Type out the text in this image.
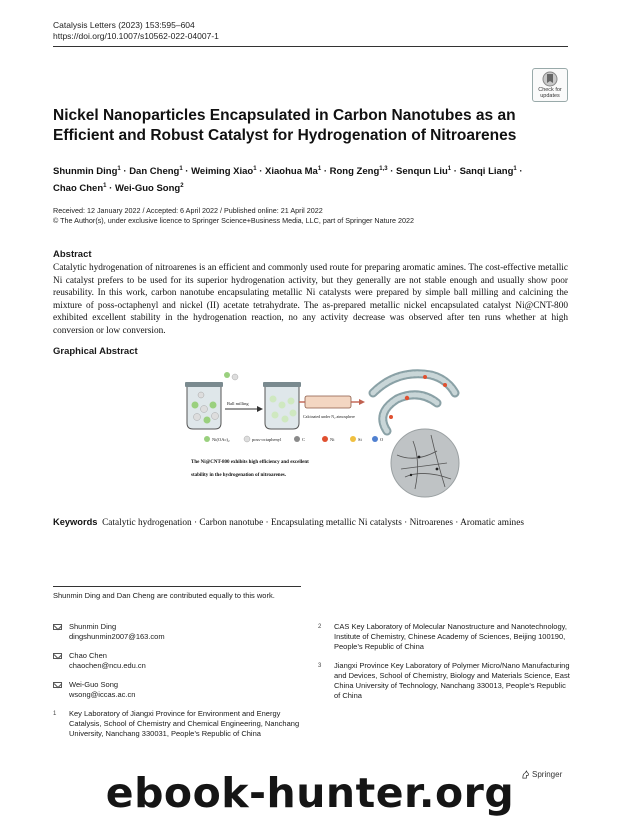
Catalysis Letters (2023) 153:595–604
https://doi.org/10.1007/s10562-022-04007-1
Check for
updates
Nickel Nanoparticles Encapsulated in Carbon Nanotubes as an Efficient and Robust Catalyst for Hydrogenation of Nitroarenes
Shunmin Ding$^1$ · Dan Cheng$^1$ · Weiming Xiao$^1$ · Xiaohua $Ma^1$ · Rong Zeng$^{1,3}$ · Senqun Liu$^1$ · Sanqi Liang$^1$ ·
Chao Chen$^1$ · Wei-Guo Song$^2$
Received: 12 January 2022 / Accepted: 6 April 2022 / Published online: 21 April 2022
© The Author(s), under exclusive licence to Springer Science+Business Media, LLC, part of Springer Nature 2022
Abstract

Catalytic hydrogenation of nitroarenes is an efficient and commonly used route for preparing aromatic amines. The cost-effective metallic Ni catalyst prefers to be used for its superior hydrogenation activity, but they generally are not stable enough and usually show poor reusability. In this work, carbon nanotube encapsulating metallic Ni catalysts were prepared by simple ball milling and calcining the mixture of poss-octaphenyl and nickel (II) acetate tetrahydrate. The as-prepared metallic nickel encapsulated catalyst Ni@CNT-800 exhibited excellent stability in the hydrogenation reaction, no any activity decrease was observed after ten runs whether at high conversion or low conversion.

Graphical Abstract
Ball milling
Calcinated under N₂ atmosphere
Ni(OAc)₂	poss-octaphenyl	C	Ni	Si	O
The Ni@CNT-800 exhibits high efficiency and excellent
stability in the hydrogenation of nitroarenes.

Keywords Catalytic hydrogenation · Carbon nanotube · Encapsulating metallic Ni catalysts · Nitroarenes · Aromatic amines

Shunmin Ding and Dan Cheng are contributed equally to this work.
Shunmin Ding
dingshunmin2007@163.com
Chao Chen
chaochen@ncu.edu.cn
Wei-Guo Song
wsong@iccas.ac.cn
1 Key Laboratory of Jiangxi Province for Environment and Energy Catalysis, School of Chemistry and Chemical Engineering, Nanchang University, Nanchang 330031, People’s Republic of China
2 CAS Key Laboratory of Molecular Nanostructure and Nanotechnology, Institute of Chemistry, Chinese Academy of Sciences, Beijing 100190, People’s Republic of China
3 Jiangxi Province Key Laboratory of Polymer Micro/Nano Manufacturing and Devices, School of Chemistry, Biology and Materials Science, East China University of Technology, Nanchang 330013, People’s Republic of China
Springer
ebook-hunter.org
